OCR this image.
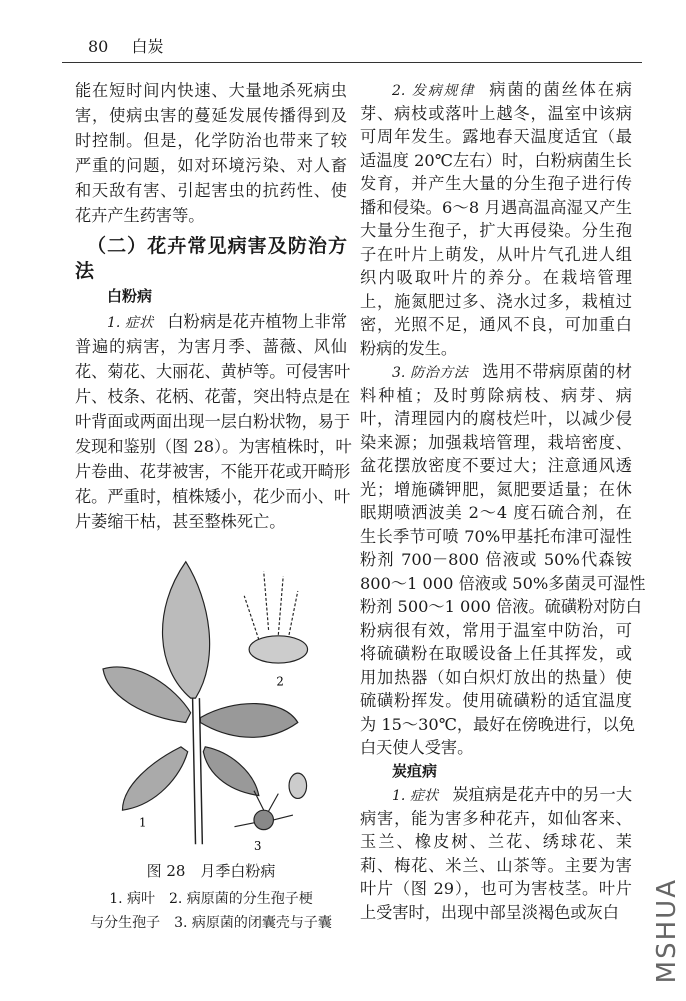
80 白炭
能在短时间内快速、大量地杀死病虫
害，使病虫害的蔓延发展传播得到及
时控制。但是，化学防治也带来了较
严重的问题，如对环境污染、对人畜
和天敌有害、引起害虫的抗药性、使
花卉产生药害等。
（二）花卉常见病害及防治方
法
白粉病
1. 症状 白粉病是花卉植物上非常
普遍的病害，为害月季、蔷薇、风仙
花、菊花、大丽花、黄栌等。可侵害叶
片、枝条、花柄、花蕾，突出特点是在
叶背面或两面出现一层白粉状物，易于
发现和鉴别（图 28）。为害植株时，叶
片卷曲、花芽被害，不能开花或开畸形
花。严重时，植株矮小，花少而小、叶
片萎缩干枯，甚至整株死亡。
2. 发病规律 病菌的菌丝体在病
芽、病枝或落叶上越冬，温室中该病
可周年发生。露地春天温度适宜（最
适温度 20℃左右）时，白粉病菌生长
发育，并产生大量的分生孢子进行传
播和侵染。6～8 月遇高温高湿又产生
大量分生孢子，扩大再侵染。分生孢
子在叶片上萌发，从叶片气孔进人组
织内吸取叶片的养分。在栽培管理
上，施氮肥过多、浇水过多，栽植过
密，光照不足，通风不良，可加重白
粉病的发生。
3. 防治方法 选用不带病原菌的材
料种植；及时剪除病枝、病芽、病
叶，清理园内的腐枝烂叶，以减少侵
染来源；加强栽培管理，栽培密度、
盆花摆放密度不要过大；注意通风透
光；增施磷钾肥，氮肥要适量；在休
眠期喷洒波美 2～4 度石硫合剂，在
生长季节可喷 70%甲基托布津可湿性
粉剂 700－800 倍液或 50%代森铵
800～1 000 倍液或 50%多菌灵可湿性
粉剂 500～1 000 倍液。硫磺粉对防白
粉病很有效，常用于温室中防治，可
将硫磺粉在取暖设备上任其挥发，或
用加热器（如白炽灯放出的热量）使
硫磺粉挥发。使用硫磺粉的适宜温度
为 15～30℃，最好在傍晚进行，以免
白天使人受害。
炭疽病
1. 症状 炭疽病是花卉中的另一大
病害，能为害多种花卉，如仙客来、
玉兰、橡皮树、兰花、绣球花、茉
莉、梅花、米兰、山茶等。主要为害
叶片（图 29），也可为害枝茎。叶片
上受害时，出现中部呈淡褐色或灰白
1
2
3
图 28　月季白粉病
1. 病叶　2. 病原菌的分生孢子梗
与分生孢子　3. 病原菌的闭囊壳与子囊	MSHUA
